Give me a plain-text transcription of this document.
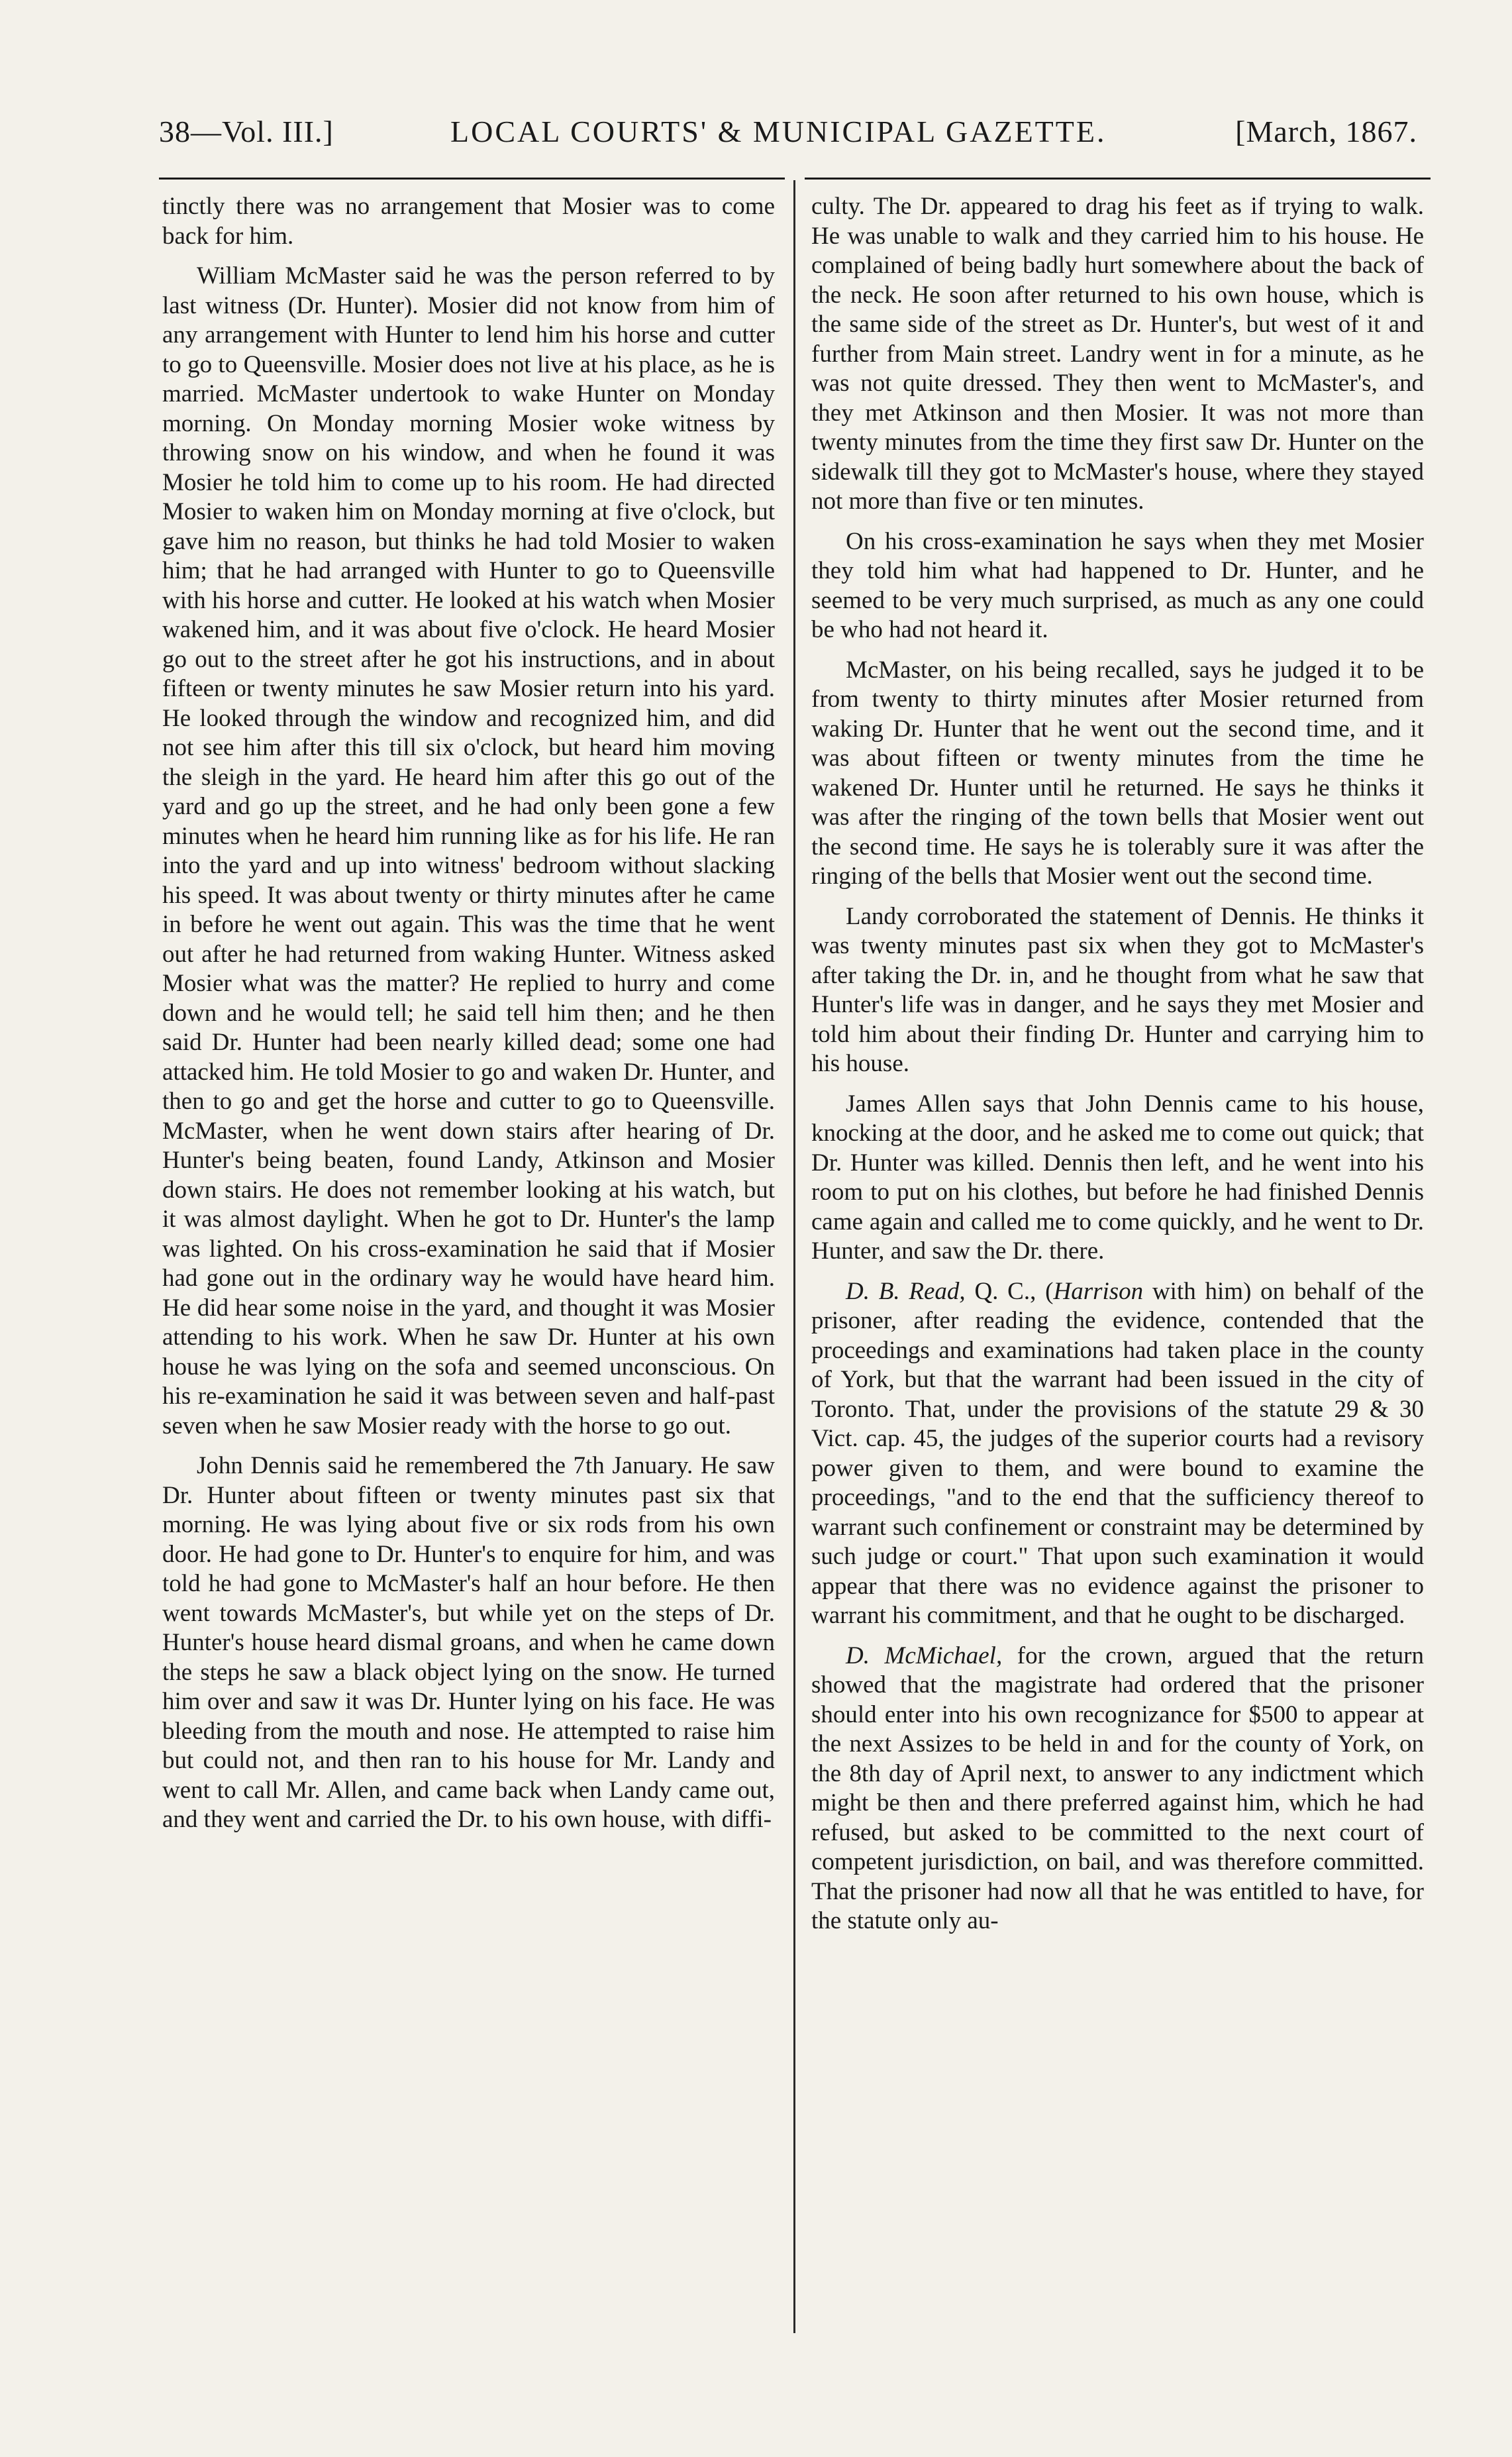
38—Vol. III.]	LOCAL COURTS' & MUNICIPAL GAZETTE.	[March, 1867.

tinctly there was no arrangement that Mosier was to come back for him.

William McMaster said he was the person referred to by last witness (Dr. Hunter). Mosier did not know from him of any arrangement with Hunter to lend him his horse and cutter to go to Queensville. Mosier does not live at his place, as he is married. McMaster undertook to wake Hunter on Monday morning. On Monday morning Mosier woke witness by throwing snow on his window, and when he found it was Mosier he told him to come up to his room. He had directed Mosier to waken him on Monday morning at five o'clock, but gave him no reason, but thinks he had told Mosier to waken him; that he had arranged with Hunter to go to Queensville with his horse and cutter. He looked at his watch when Mosier wakened him, and it was about five o'clock. He heard Mosier go out to the street after he got his instructions, and in about fifteen or twenty minutes he saw Mosier return into his yard. He looked through the window and recognized him, and did not see him after this till six o'clock, but heard him moving the sleigh in the yard. He heard him after this go out of the yard and go up the street, and he had only been gone a few minutes when he heard him running like as for his life. He ran into the yard and up into witness' bedroom without slacking his speed. It was about twenty or thirty minutes after he came in before he went out again. This was the time that he went out after he had returned from waking Hunter. Witness asked Mosier what was the matter? He replied to hurry and come down and he would tell; he said tell him then; and he then said Dr. Hunter had been nearly killed dead; some one had attacked him. He told Mosier to go and waken Dr. Hunter, and then to go and get the horse and cutter to go to Queensville. McMaster, when he went down stairs after hearing of Dr. Hunter's being beaten, found Landy, Atkinson and Mosier down stairs. He does not remember looking at his watch, but it was almost daylight. When he got to Dr. Hunter's the lamp was lighted. On his cross-examination he said that if Mosier had gone out in the ordinary way he would have heard him. He did hear some noise in the yard, and thought it was Mosier attending to his work. When he saw Dr. Hunter at his own house he was lying on the sofa and seemed unconscious. On his re-examination he said it was between seven and half-past seven when he saw Mosier ready with the horse to go out.

John Dennis said he remembered the 7th January. He saw Dr. Hunter about fifteen or twenty minutes past six that morning. He was lying about five or six rods from his own door. He had gone to Dr. Hunter's to enquire for him, and was told he had gone to McMaster's half an hour before. He then went towards McMaster's, but while yet on the steps of Dr. Hunter's house heard dismal groans, and when he came down the steps he saw a black object lying on the snow. He turned him over and saw it was Dr. Hunter lying on his face. He was bleeding from the mouth and nose. He attempted to raise him but could not, and then ran to his house for Mr. Landy and went to call Mr. Allen, and came back when Landy came out, and they went and carried the Dr. to his own house, with diffi-

culty. The Dr. appeared to drag his feet as if trying to walk. He was unable to walk and they carried him to his house. He complained of being badly hurt somewhere about the back of the neck. He soon after returned to his own house, which is the same side of the street as Dr. Hunter's, but west of it and further from Main street. Landry went in for a minute, as he was not quite dressed. They then went to McMaster's, and they met Atkinson and then Mosier. It was not more than twenty minutes from the time they first saw Dr. Hunter on the sidewalk till they got to McMaster's house, where they stayed not more than five or ten minutes.

On his cross-examination he says when they met Mosier they told him what had happened to Dr. Hunter, and he seemed to be very much surprised, as much as any one could be who had not heard it.

McMaster, on his being recalled, says he judged it to be from twenty to thirty minutes after Mosier returned from waking Dr. Hunter that he went out the second time, and it was about fifteen or twenty minutes from the time he wakened Dr. Hunter until he returned. He says he thinks it was after the ringing of the town bells that Mosier went out the second time. He says he is tolerably sure it was after the ringing of the bells that Mosier went out the second time.

Landy corroborated the statement of Dennis. He thinks it was twenty minutes past six when they got to McMaster's after taking the Dr. in, and he thought from what he saw that Hunter's life was in danger, and he says they met Mosier and told him about their finding Dr. Hunter and carrying him to his house.

James Allen says that John Dennis came to his house, knocking at the door, and he asked me to come out quick; that Dr. Hunter was killed. Dennis then left, and he went into his room to put on his clothes, but before he had finished Dennis came again and called me to come quickly, and he went to Dr. Hunter, and saw the Dr. there.

D. B. Read, Q. C., (Harrison with him) on behalf of the prisoner, after reading the evidence, contended that the proceedings and examinations had taken place in the county of York, but that the warrant had been issued in the city of Toronto. That, under the provisions of the statute 29 & 30 Vict. cap. 45, the judges of the superior courts had a revisory power given to them, and were bound to examine the proceedings, "and to the end that the sufficiency thereof to warrant such confinement or constraint may be determined by such judge or court." That upon such examination it would appear that there was no evidence against the prisoner to warrant his commitment, and that he ought to be discharged.

D. McMichael, for the crown, argued that the return showed that the magistrate had ordered that the prisoner should enter into his own recognizance for $500 to appear at the next Assizes to be held in and for the county of York, on the 8th day of April next, to answer to any indictment which might be then and there preferred against him, which he had refused, but asked to be committed to the next court of competent jurisdiction, on bail, and was therefore committed. That the prisoner had now all that he was entitled to have, for the statute only au-
